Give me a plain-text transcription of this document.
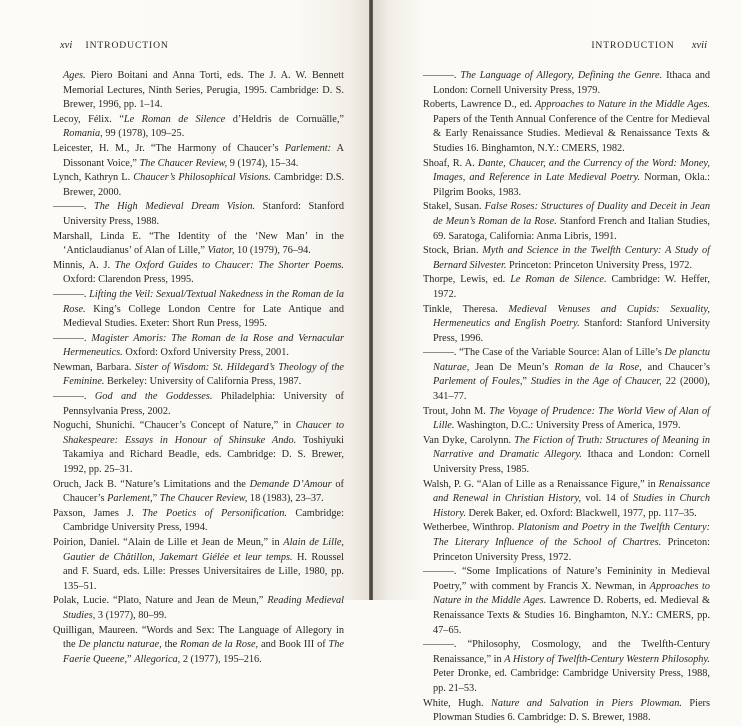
xvi INTRODUCTION

Ages. Piero Boitani and Anna Torti, eds. The J. A. W. Bennett Memorial Lectures, Ninth Series, Perugia, 1995. Cambridge: D. S. Brewer, 1996, pp. 1–14.

Lecoy, Félix. “Le Roman de Silence d’Heldris de Cornuälle,” Romania, 99 (1978), 109–25.

Leicester, H. M., Jr. “The Harmony of Chaucer’s Parlement: A Dissonant Voice,” The Chaucer Review, 9 (1974), 15–34.

Lynch, Kathryn L. Chaucer’s Philosophical Visions. Cambridge: D.S. Brewer, 2000.

———. The High Medieval Dream Vision. Stanford: Stanford University Press, 1988.

Marshall, Linda E. “The Identity of the ‘New Man’ in the ‘Anticlaudianus’ of Alan of Lille,” Viator, 10 (1979), 76–94.

Minnis, A. J. The Oxford Guides to Chaucer: The Shorter Poems. Oxford: Clarendon Press, 1995.

———. Lifting the Veil: Sexual/Textual Nakedness in the Roman de la Rose. King’s College London Centre for Late Antique and Medieval Studies. Exeter: Short Run Press, 1995.

———. Magister Amoris: The Roman de la Rose and Vernacular Hermeneutics. Oxford: Oxford University Press, 2001.

Newman, Barbara. Sister of Wisdom: St. Hildegard’s Theology of the Feminine. Berkeley: University of California Press, 1987.

———. God and the Goddesses. Philadelphia: University of Pennsylvania Press, 2002.

Noguchi, Shunichi. “Chaucer’s Concept of Nature,” in Chaucer to Shakespeare: Essays in Honour of Shinsuke Ando. Toshiyuki Takamiya and Richard Beadle, eds. Cambridge: D. S. Brewer, 1992, pp. 25–31.

Oruch, Jack B. “Nature’s Limitations and the Demande D’Amour of Chaucer’s Parlement,” The Chaucer Review, 18 (1983), 23–37.

Paxson, James J. The Poetics of Personification. Cambridge: Cambridge University Press, 1994.

Poirion, Daniel. “Alain de Lille et Jean de Meun,” in Alain de Lille, Gautier de Châtillon, Jakemart Giélée et leur temps. H. Roussel and F. Suard, eds. Lille: Presses Universitaires de Lille, 1980, pp. 135–51.

Polak, Lucie. “Plato, Nature and Jean de Meun,” Reading Medieval Studies, 3 (1977), 80–99.

Quilligan, Maureen. “Words and Sex: The Language of Allegory in the De planctu naturae, the Roman de la Rose, and Book III of The Faerie Queene,” Allegorica, 2 (1977), 195–216.

INTRODUCTION xvii

———. The Language of Allegory, Defining the Genre. Ithaca and London: Cornell University Press, 1979.

Roberts, Lawrence D., ed. Approaches to Nature in the Middle Ages. Papers of the Tenth Annual Conference of the Centre for Medieval & Early Renaissance Studies. Medieval & Renaissance Texts & Studies 16. Binghamton, N.Y.: CMERS, 1982.

Shoaf, R. A. Dante, Chaucer, and the Currency of the Word: Money, Images, and Reference in Late Medieval Poetry. Norman, Okla.: Pilgrim Books, 1983.

Stakel, Susan. False Roses: Structures of Duality and Deceit in Jean de Meun’s Roman de la Rose. Stanford French and Italian Studies, 69. Saratoga, California: Anma Libris, 1991.

Stock, Brian. Myth and Science in the Twelfth Century: A Study of Bernard Silvester. Princeton: Princeton University Press, 1972.

Thorpe, Lewis, ed. Le Roman de Silence. Cambridge: W. Heffer, 1972.

Tinkle, Theresa. Medieval Venuses and Cupids: Sexuality, Hermeneutics and English Poetry. Stanford: Stanford University Press, 1996.

———. “The Case of the Variable Source: Alan of Lille’s De planctu Naturae, Jean De Meun’s Roman de la Rose, and Chaucer’s Parlement of Foules,” Studies in the Age of Chaucer, 22 (2000), 341–77.

Trout, John M. The Voyage of Prudence: The World View of Alan of Lille. Washington, D.C.: University Press of America, 1979.

Van Dyke, Carolynn. The Fiction of Truth: Structures of Meaning in Narrative and Dramatic Allegory. Ithaca and London: Cornell University Press, 1985.

Walsh, P. G. “Alan of Lille as a Renaissance Figure,” in Renaissance and Renewal in Christian History, vol. 14 of Studies in Church History. Derek Baker, ed. Oxford: Blackwell, 1977, pp. 117–35.

Wetherbee, Winthrop. Platonism and Poetry in the Twelfth Century: The Literary Influence of the School of Chartres. Princeton: Princeton University Press, 1972.

———. “Some Implications of Nature’s Femininity in Medieval Poetry,” with comment by Francis X. Newman, in Approaches to Nature in the Middle Ages. Lawrence D. Roberts, ed. Medieval & Renaissance Texts & Studies 16. Binghamton, N.Y.: CMERS, pp. 47–65.

———. “Philosophy, Cosmology, and the Twelfth-Century Renaissance,” in A History of Twelfth-Century Western Philosophy. Peter Dronke, ed. Cambridge: Cambridge University Press, 1988, pp. 21–53.

White, Hugh. Nature and Salvation in Piers Plowman. Piers Plowman Studies 6. Cambridge: D. S. Brewer, 1988.
